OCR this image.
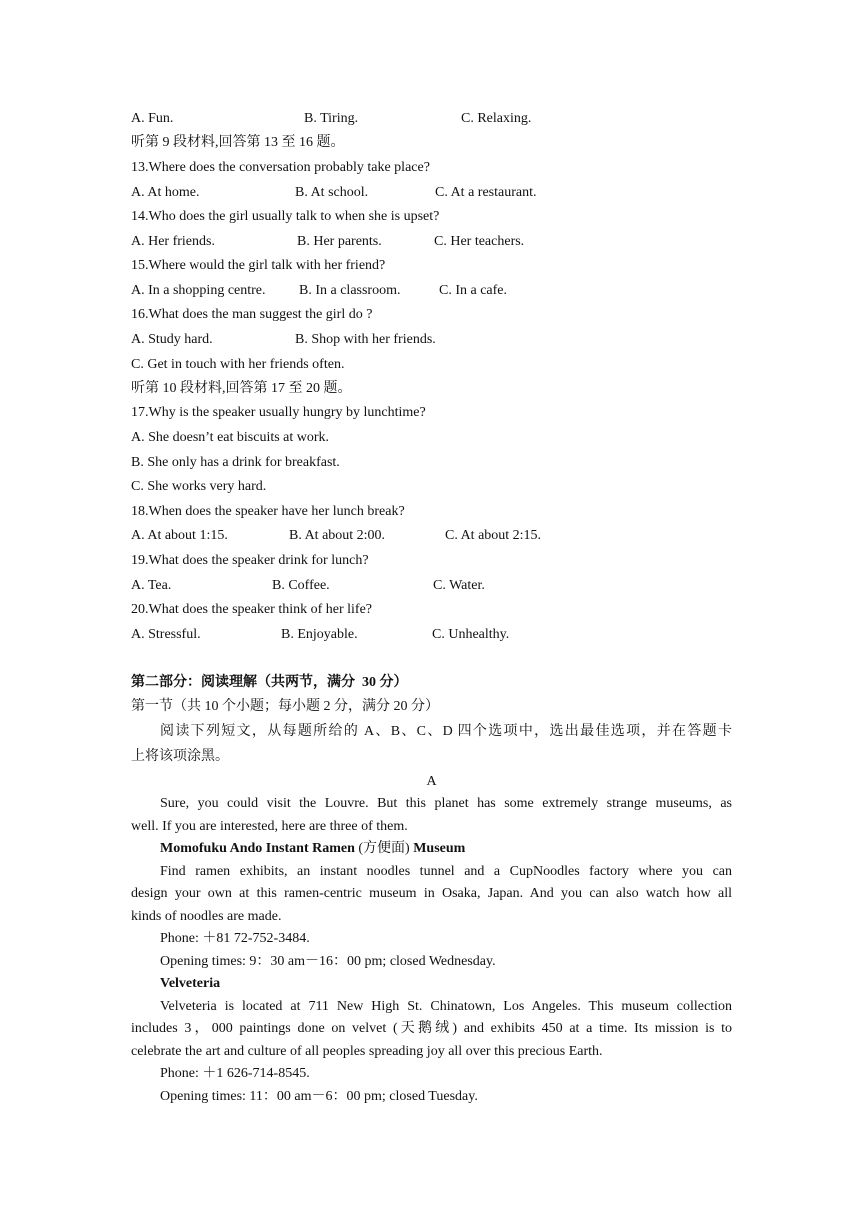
A. Fun.	B. Tiring.	C. Relaxing.
听第 9 段材料,回答第 13 至 16 题。
13.Where does the conversation probably take place?
A. At home.	B. At school.	C. At a restaurant.
14.Who does the girl usually talk to when she is upset?
A. Her friends.	B. Her parents.	C. Her teachers.
15.Where would the girl talk with her friend?
A. In a shopping centre. B. In a classroom.	C. In a cafe.
16.What does the man suggest the girl do ?
A. Study hard.	B. Shop with her friends.
C. Get in touch with her friends often.
听第 10 段材料,回答第 17 至 20 题。
17.Why is the speaker usually hungry by lunchtime?
A. She doesn’t eat biscuits at work.
B. She only has a drink for breakfast.
C. She works very hard.
18.When does the speaker have her lunch break?
A. At about 1:15.	B. At about 2:00.	C. At about 2:15.
19.What does the speaker drink for lunch?
A. Tea.	B. Coffee.	C. Water.
20.What does the speaker think of her life?
A. Stressful.	B. Enjoyable.	C. Unhealthy.
第二部分：阅读理解（共两节，满分  30 分）
第一节（共 10 个小题；每小题 2 分，满分 20 分）
阅读下列短文，从每题所给的 A、B、C、D 四个选项中，选出最佳选项，并在答题卡
上将该项涂黑。
A
Sure, you could visit the Louvre. But this planet has some extremely strange museums, as
well. If you are interested, here are three of them.
Momofuku Ando Instant Ramen (方便面) Museum
Find ramen exhibits, an instant noodles tunnel and a CupNoodles factory where you can
design your own at this ramen-centric museum in Osaka, Japan. And you can also watch how all
kinds of noodles are made.
Phone: ＋81 72-752-3484.
Opening times: 9：30 am－16：00 pm; closed Wednesday.
Velveteria
Velveteria is located at 711 New High St. Chinatown, Los Angeles. This museum collection
includes 3，000 paintings done on velvet (天鹅绒) and exhibits 450 at a time. Its mission is to
celebrate the art and culture of all peoples spreading joy all over this precious Earth.
Phone: ＋1 626-714-8545.
Opening times: 11：00 am－6：00 pm; closed Tuesday.
